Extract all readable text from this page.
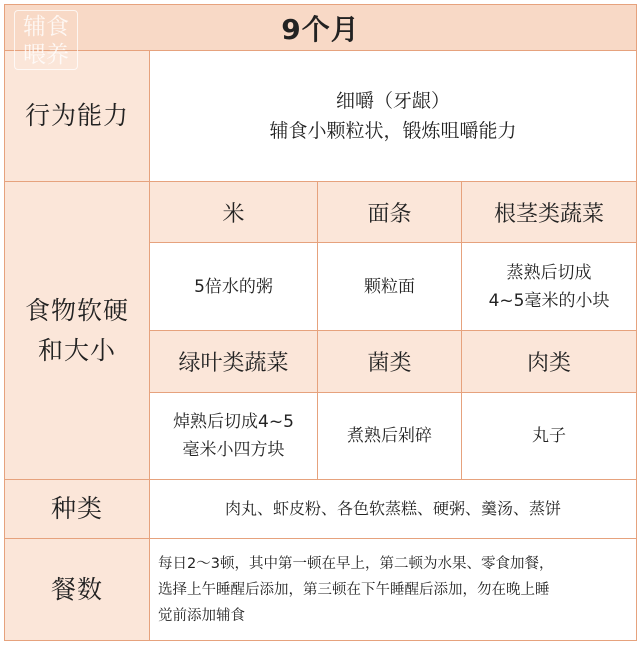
9个月			
行为能力	细嚼（牙龈）
辅食小颗粒状，锻炼咀嚼能力		

食物软硬
和大小	米	面条	根茎类蔬菜

	5倍水的粥	颗粒面	蒸熟后切成
4~5毫米的小块

	绿叶类蔬菜	菌类	肉类

	焯熟后切成4~5
毫米小四方块	煮熟后剁碎	丸子

种类	肉丸、虾皮粉、各色软蒸糕、硬粥、羹汤、蒸饼		
餐数	每日2～3顿，其中第一顿在早上，第二顿为水果、零食加餐，
选择上午睡醒后添加，第三顿在下午睡醒后添加，勿在晚上睡
觉前添加辅食		
辅食
喂养
